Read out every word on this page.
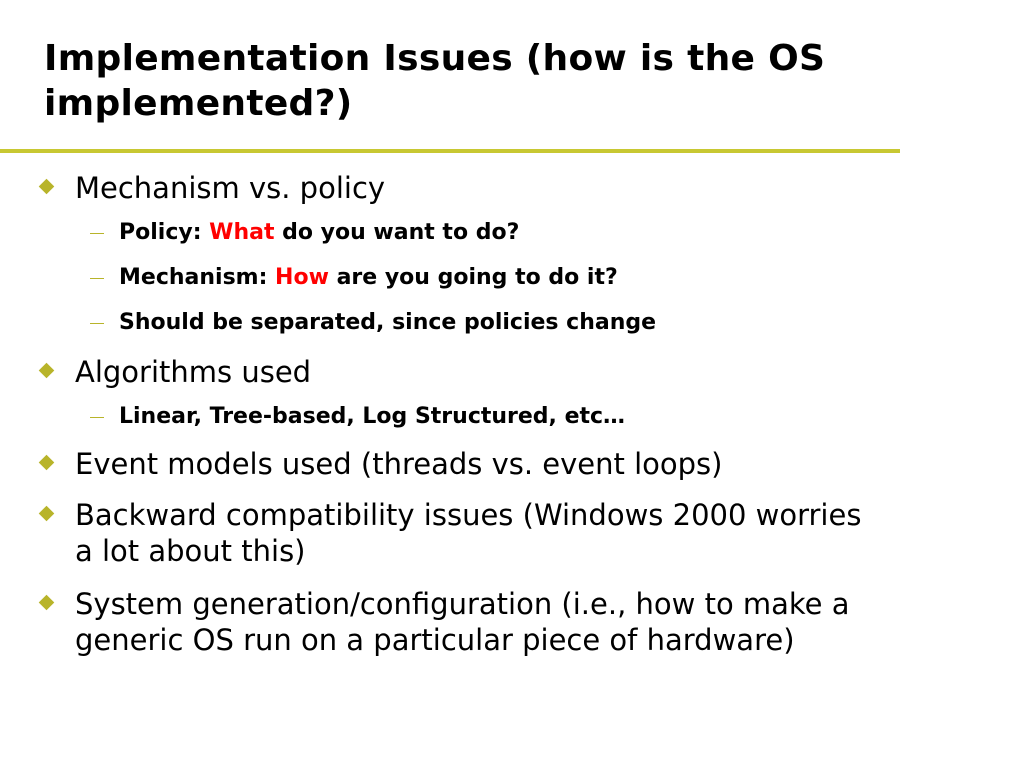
Implementation Issues (how is the OS
implemented?)
Mechanism vs. policy
Policy: What do you want to do?
Mechanism: How are you going to do it?
Should be separated, since policies change
Algorithms used
Linear, Tree-based, Log Structured, etc…
Event models used (threads vs. event loops)
Backward compatibility issues (Windows 2000 worries
a lot about this)
System generation/configuration (i.e., how to make a
generic OS run on a particular piece of hardware)
